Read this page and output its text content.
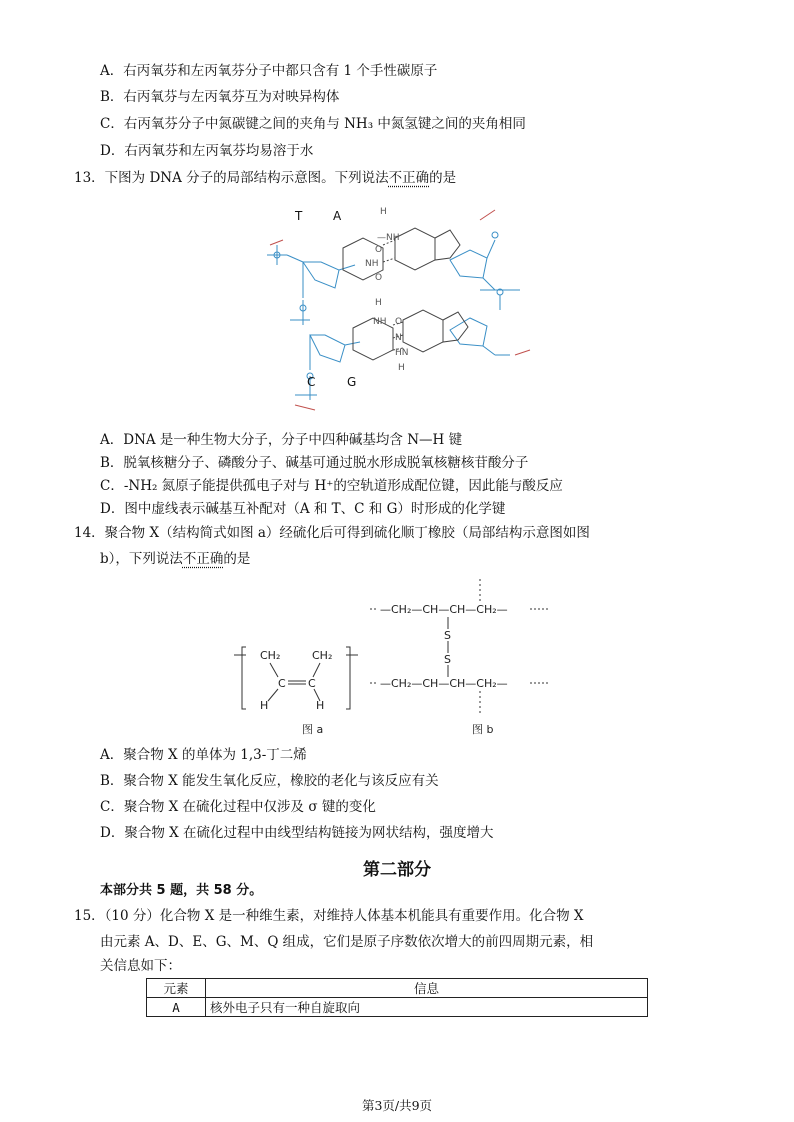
A．右丙氧芬和左丙氧芬分子中都只含有 1 个手性碳原子
B．右丙氧芬与左丙氧芬互为对映异构体
C．右丙氧芬分子中氮碳键之间的夹角与 NH₃ 中氮氢键之间的夹角相同
D．右丙氧芬和左丙氧芬均易溶于水
13．下图为 DNA 分子的局部结构示意图。下列说法不正确的是
H
—NH
O
NH
O
H
NH O
N
HN
H
T	A
C	G
A．DNA 是一种生物大分子，分子中四种碱基均含 N—H 键
B．脱氧核糖分子、磷酸分子、碱基可通过脱水形成脱氧核糖核苷酸分子
C．-NH₂ 氮原子能提供孤电子对与 H⁺的空轨道形成配位键，因此能与酸反应
D．图中虚线表示碱基互补配对（A 和 T、C 和 G）时形成的化学键
14．聚合物 X（结构简式如图 a）经硫化后可得到硫化顺丁橡胶（局部结构示意图如图
b），下列说法不正确的是
CH₂	CH₂
C C
H	H
—CH₂—CH—CH—CH₂—
S
S
—CH₂—CH—CH—CH₂—
图 a	图 b
A．聚合物 X 的单体为 1,3-丁二烯
B．聚合物 X 能发生氧化反应，橡胶的老化与该反应有关
C．聚合物 X 在硫化过程中仅涉及 σ 键的变化
D．聚合物 X 在硫化过程中由线型结构链接为网状结构，强度增大
第二部分
本部分共 5 题，共 58 分。
15．（10 分）化合物 X 是一种维生素，对维持人体基本机能具有重要作用。化合物 X
由元素 A、D、E、G、M、Q 组成，它们是原子序数依次增大的前四周期元素，相
关信息如下：
元素	信息
A	核外电子只有一种自旋取向
第3页/共9页
